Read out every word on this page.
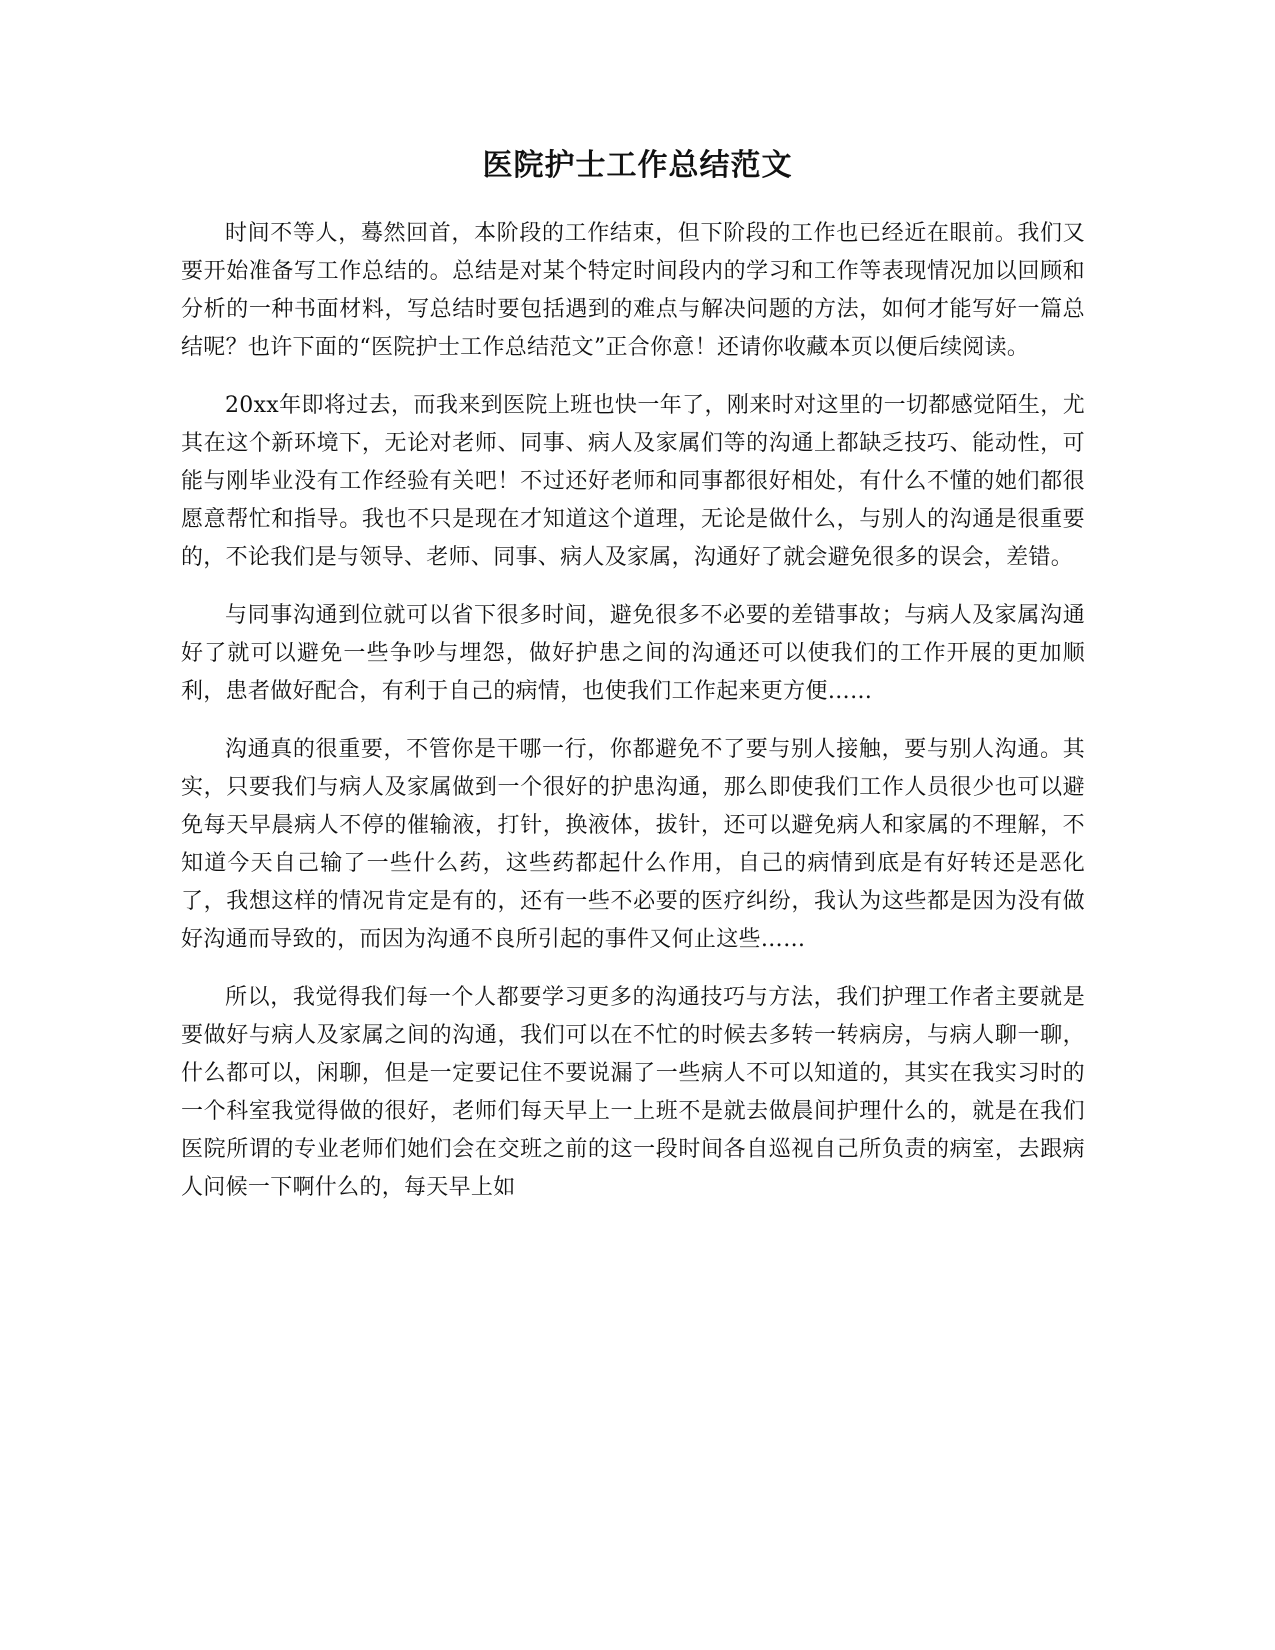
医院护士工作总结范文

时间不等人，蓦然回首，本阶段的工作结束，但下阶段的工作也已经近在眼前。我们又要开始准备写工作总结的。总结是对某个特定时间段内的学习和工作等表现情况加以回顾和分析的一种书面材料，写总结时要包括遇到的难点与解决问题的方法，如何才能写好一篇总结呢？也许下面的“医院护士工作总结范文”正合你意！还请你收藏本页以便后续阅读。

20xx年即将过去，而我来到医院上班也快一年了，刚来时对这里的一切都感觉陌生，尤其在这个新环境下，无论对老师、同事、病人及家属们等的沟通上都缺乏技巧、能动性，可能与刚毕业没有工作经验有关吧！不过还好老师和同事都很好相处，有什么不懂的她们都很愿意帮忙和指导。我也不只是现在才知道这个道理，无论是做什么，与别人的沟通是很重要的，不论我们是与领导、老师、同事、病人及家属，沟通好了就会避免很多的误会，差错。

与同事沟通到位就可以省下很多时间，避免很多不必要的差错事故；与病人及家属沟通好了就可以避免一些争吵与埋怨，做好护患之间的沟通还可以使我们的工作开展的更加顺利，患者做好配合，有利于自己的病情，也使我们工作起来更方便……

沟通真的很重要，不管你是干哪一行，你都避免不了要与别人接触，要与别人沟通。其实，只要我们与病人及家属做到一个很好的护患沟通，那么即使我们工作人员很少也可以避免每天早晨病人不停的催输液，打针，换液体，拔针，还可以避免病人和家属的不理解，不知道今天自己输了一些什么药，这些药都起什么作用，自己的病情到底是有好转还是恶化了，我想这样的情况肯定是有的，还有一些不必要的医疗纠纷，我认为这些都是因为没有做好沟通而导致的，而因为沟通不良所引起的事件又何止这些……

所以，我觉得我们每一个人都要学习更多的沟通技巧与方法，我们护理工作者主要就是要做好与病人及家属之间的沟通，我们可以在不忙的时候去多转一转病房，与病人聊一聊，什么都可以，闲聊，但是一定要记住不要说漏了一些病人不可以知道的，其实在我实习时的一个科室我觉得做的很好，老师们每天早上一上班不是就去做晨间护理什么的，就是在我们医院所谓的专业老师们她们会在交班之前的这一段时间各自巡视自己所负责的病室，去跟病人问候一下啊什么的，每天早上如
